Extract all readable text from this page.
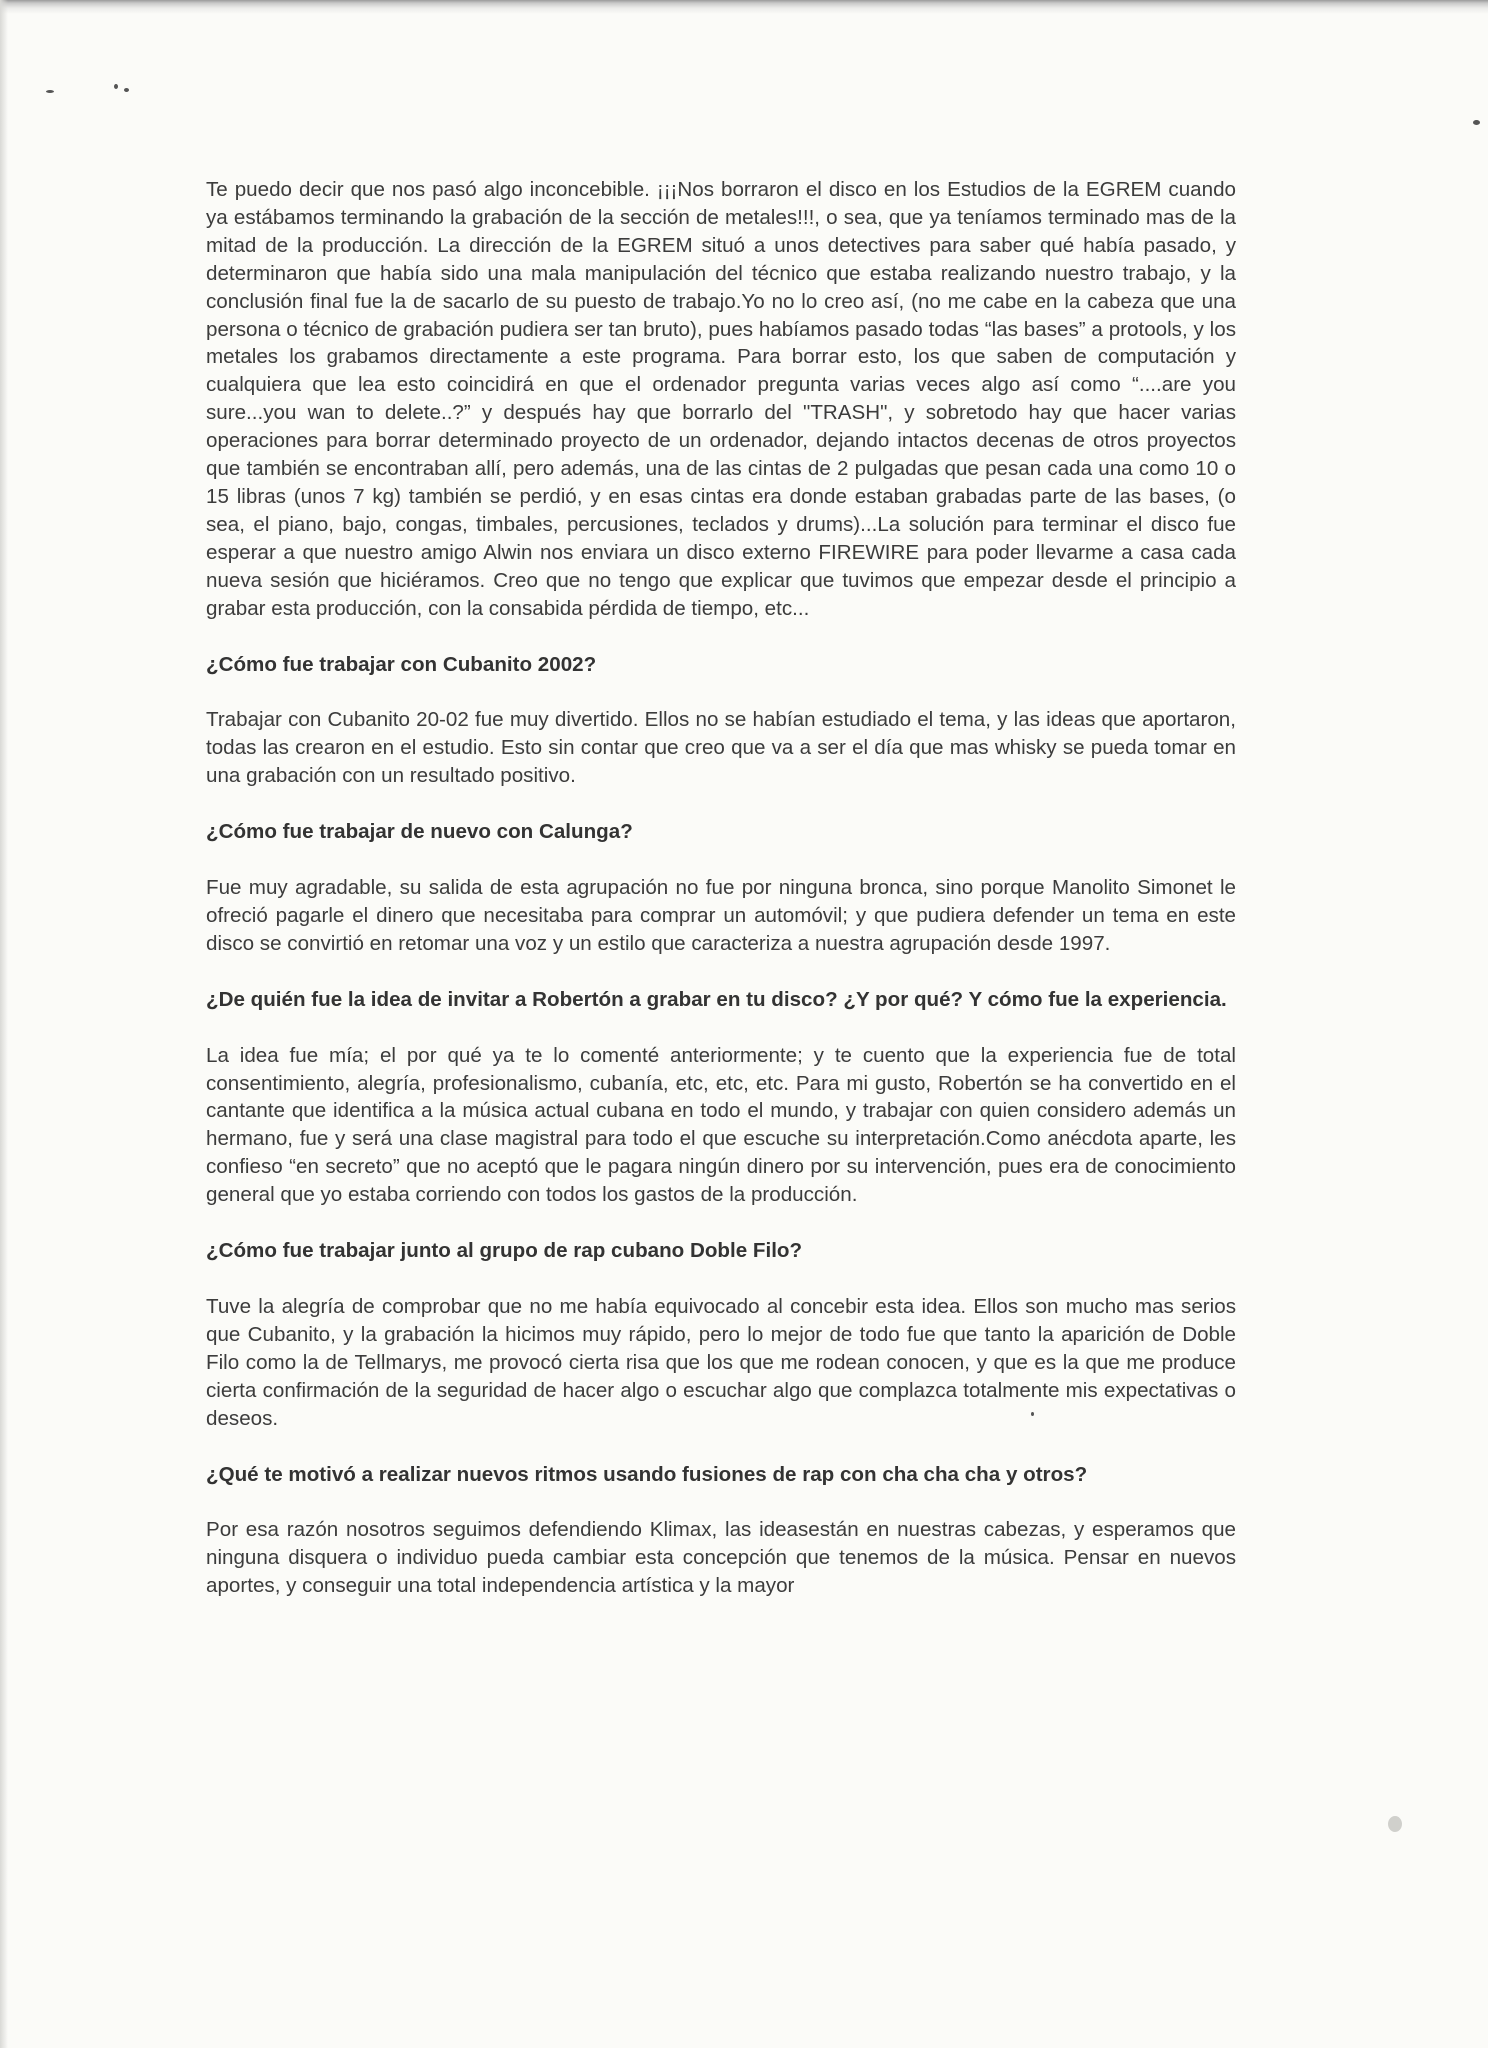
Te puedo decir que nos pasó algo inconcebible. ¡¡¡Nos borraron el disco en los Estudios de la EGREM cuando ya estábamos terminando la grabación de la sección de metales!!!, o sea, que ya teníamos terminado mas de la mitad de la producción. La dirección de la EGREM situó a unos detectives para saber qué había pasado, y determinaron que había sido una mala manipulación del técnico que estaba realizando nuestro trabajo, y la conclusión final fue la de sacarlo de su puesto de trabajo.Yo no lo creo así, (no me cabe en la cabeza que una persona o técnico de grabación pudiera ser tan bruto), pues habíamos pasado todas “las bases” a protools, y los metales los grabamos directamente a este programa. Para borrar esto, los que saben de computación y cualquiera que lea esto coincidirá en que el ordenador pregunta varias veces algo así como “....are you sure...you wan to delete..?” y después hay que borrarlo del "TRASH", y sobretodo hay que hacer varias operaciones para borrar determinado proyecto de un ordenador, dejando intactos decenas de otros proyectos que también se encontraban allí, pero además, una de las cintas de 2 pulgadas que pesan cada una como 10 o 15 libras (unos 7 kg) también se perdió, y en esas cintas era donde estaban grabadas parte de las bases, (o sea, el piano, bajo, congas, timbales, percusiones, teclados y drums)...La solución para terminar el disco fue esperar a que nuestro amigo Alwin nos enviara un disco externo FIREWIRE para poder llevarme a casa cada nueva sesión que hiciéramos. Creo que no tengo que explicar que tuvimos que empezar desde el principio a grabar esta producción, con la consabida pérdida de tiempo, etc...

¿Cómo fue trabajar con Cubanito 2002?

Trabajar con Cubanito 20-02 fue muy divertido. Ellos no se habían estudiado el tema, y las ideas que aportaron, todas las crearon en el estudio. Esto sin contar que creo que va a ser el día que mas whisky se pueda tomar en una grabación con un resultado positivo.

¿Cómo fue trabajar de nuevo con Calunga?

Fue muy agradable, su salida de esta agrupación no fue por ninguna bronca, sino porque Manolito Simonet le ofreció pagarle el dinero que necesitaba para comprar un automóvil; y que pudiera defender un tema en este disco se convirtió en retomar una voz y un estilo que caracteriza a nuestra agrupación desde 1997.

¿De quién fue la idea de invitar a Robertón a grabar en tu disco? ¿Y por qué? Y cómo fue la experiencia.

La idea fue mía; el por qué ya te lo comenté anteriormente; y te cuento que la experiencia fue de total consentimiento, alegría, profesionalismo, cubanía, etc, etc, etc. Para mi gusto, Robertón se ha convertido en el cantante que identifica a la música actual cubana en todo el mundo, y trabajar con quien considero además un hermano, fue y será una clase magistral para todo el que escuche su interpretación.Como anécdota aparte, les confieso “en secreto” que no aceptó que le pagara ningún dinero por su intervención, pues era de conocimiento general que yo estaba corriendo con todos los gastos de la producción.

¿Cómo fue trabajar junto al grupo de rap cubano Doble Filo?

Tuve la alegría de comprobar que no me había equivocado al concebir esta idea. Ellos son mucho mas serios que Cubanito, y la grabación la hicimos muy rápido, pero lo mejor de todo fue que tanto la aparición de Doble Filo como la de Tellmarys, me provocó cierta risa que los que me rodean conocen, y que es la que me produce cierta confirmación de la seguridad de hacer algo o escuchar algo que complazca totalmente mis expectativas o deseos.

¿Qué te motivó a realizar nuevos ritmos usando fusiones de rap con cha cha cha y otros?

Por esa razón nosotros seguimos defendiendo Klimax, las ideasestán en nuestras cabezas, y esperamos que ninguna disquera o individuo pueda cambiar esta concepción que tenemos de la música. Pensar en nuevos aportes, y conseguir una total independencia artística y la mayor
